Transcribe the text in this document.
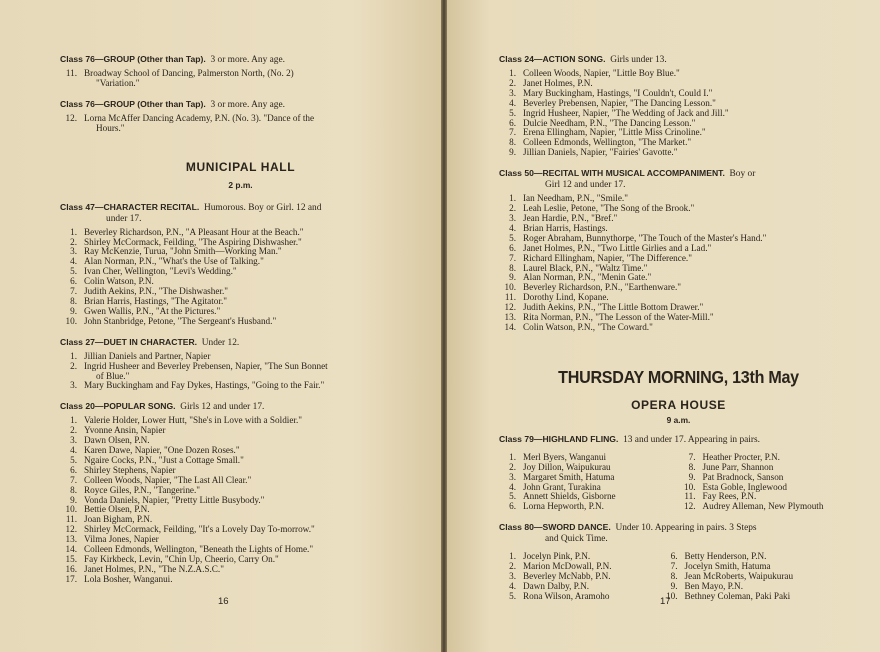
Class 76—GROUP (Other than Tap). 3 or more. Any age.

11. Broadway School of Dancing, Palmerston North, (No. 2)
"Variation."

Class 76—GROUP (Other than Tap). 3 or more. Any age.

12. Lorna McAffer Dancing Academy, P.N. (No. 3). "Dance of the
Hours."
MUNICIPAL HALL
2 p.m.

Class 47—CHARACTER RECITAL. Humorous. Boy or Girl. 12 and

under 17.

1. Beverley Richardson, P.N., "A Pleasant Hour at the Beach."
2. Shirley McCormack, Feilding, "The Aspiring Dishwasher."
3. Ray McKenzie, Turua, "John Smith—Working Man."
4. Alan Norman, P.N., "What's the Use of Talking."
5. Ivan Cher, Wellington, "Levi's Wedding."
6. Colin Watson, P.N.
7. Judith Aekins, P.N., "The Dishwasher."
8. Brian Harris, Hastings, "The Agitator."
9. Gwen Wallis, P.N., "At the Pictures."
10. John Stanbridge, Petone, "The Sergeant's Husband."

Class 27—DUET IN CHARACTER. Under 12.

1. Jillian Daniels and Partner, Napier
2. Ingrid Husheer and Beverley Prebensen, Napier, "The Sun Bonnet
of Blue."
3. Mary Buckingham and Fay Dykes, Hastings, "Going to the Fair."

Class 20—POPULAR SONG. Girls 12 and under 17.

1. Valerie Holder, Lower Hutt, "She's in Love with a Soldier."
2. Yvonne Ansin, Napier
3. Dawn Olsen, P.N.
4. Karen Dawe, Napier, "One Dozen Roses."
5. Ngaire Cocks, P.N., "Just a Cottage Small."
6. Shirley Stephens, Napier
7. Colleen Woods, Napier, "The Last All Clear."
8. Royce Giles, P.N., "Tangerine."
9. Vonda Daniels, Napier, "Pretty Little Busybody."
10. Bettie Olsen, P.N.
11. Joan Bigham, P.N.
12. Shirley McCormack, Feilding, "It's a Lovely Day To-morrow."
13. Vilma Jones, Napier
14. Colleen Edmonds, Wellington, "Beneath the Lights of Home."
15. Fay Kirkbeck, Levin, "Chin Up, Cheerio, Carry On."
16. Janet Holmes, P.N., "The N.Z.A.S.C."
17. Lola Bosher, Wanganui.
16

Class 24—ACTION SONG. Girls under 13.

1. Colleen Woods, Napier, "Little Boy Blue."
2. Janet Holmes, P.N.
3. Mary Buckingham, Hastings, "I Couldn't, Could I."
4. Beverley Prebensen, Napier, "The Dancing Lesson."
5. Ingrid Husheer, Napier, "The Wedding of Jack and Jill."
6. Dulcie Needham, P.N., "The Dancing Lesson."
7. Erena Ellingham, Napier, "Little Miss Crinoline."
8. Colleen Edmonds, Wellington, "The Market."
9. Jillian Daniels, Napier, "Fairies' Gavotte."

Class 50—RECITAL WITH MUSICAL ACCOMPANIMENT. Boy or

Girl 12 and under 17.

1. Ian Needham, P.N., "Smile."
2. Leah Leslie, Petone, "The Song of the Brook."
3. Jean Hardie, P.N., "Bref."
4. Brian Harris, Hastings.
5. Roger Abraham, Bunnythorpe, "The Touch of the Master's Hand."
6. Janet Holmes, P.N., "Two Little Girlies and a Lad."
7. Richard Ellingham, Napier, "The Difference."
8. Laurel Black, P.N., "Waltz Time."
9. Alan Norman, P.N., "Menin Gate."
10. Beverley Richardson, P.N., "Earthenware."
11. Dorothy Lind, Kopane.
12. Judith Aekins, P.N., "The Little Bottom Drawer."
13. Rita Norman, P.N., "The Lesson of the Water-Mill."
14. Colin Watson, P.N., "The Coward."
THURSDAY MORNING, 13th May
OPERA HOUSE
9 a.m.

Class 79—HIGHLAND FLING. 13 and under 17. Appearing in pairs.

1. Merl Byers, Wanganui
2. Joy Dillon, Waipukurau
3. Margaret Smith, Hatuma
4. John Grant, Turakina
5. Annett Shields, Gisborne
6. Lorna Hepworth, P.N.
7. Heather Procter, P.N.
8. June Parr, Shannon
9. Pat Bradnock, Sanson
10. Esta Goble, Inglewood
11. Fay Rees, P.N.
12. Audrey Alleman, New Plymouth

Class 80—SWORD DANCE. Under 10. Appearing in pairs. 3 Steps

and Quick Time.

1. Jocelyn Pink, P.N.
2. Marion McDowall, P.N.
3. Beverley McNabb, P.N.
4. Dawn Dalby, P.N.
5. Rona Wilson, Aramoho
6. Betty Henderson, P.N.
7. Jocelyn Smith, Hatuma
8. Jean McRoberts, Waipukurau
9. Ben Mayo, P.N.
10. Bethney Coleman, Paki Paki
17
